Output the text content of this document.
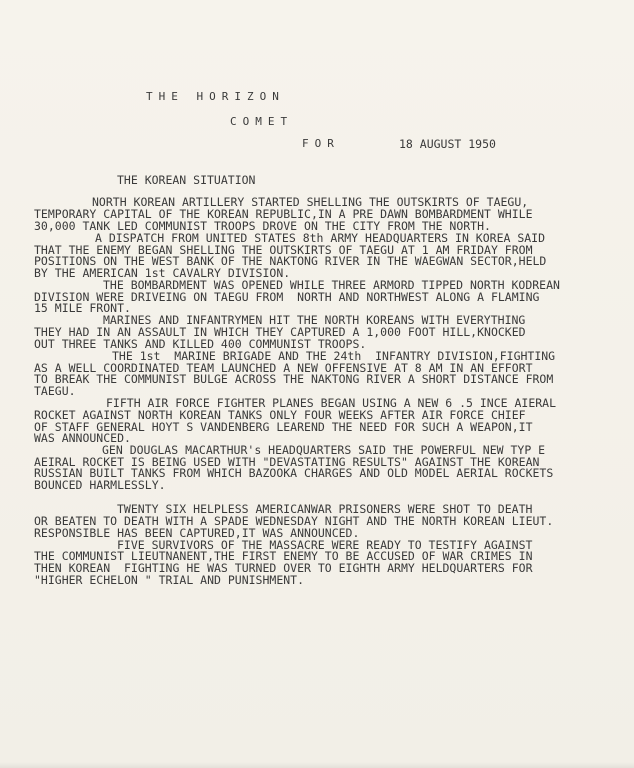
THE HORIZON
COMET
FOR	18 AUGUST 1950
THE KOREAN SITUATION
NORTH KOREAN ARTILLERY STARTED SHELLING THE OUTSKIRTS OF TAEGU,
TEMPORARY CAPITAL OF THE KOREAN REPUBLIC,IN A PRE DAWN BOMBARDMENT WHILE
30,000 TANK LED COMMUNIST TROOPS DROVE ON THE CITY FROM THE NORTH.
A DISPATCH FROM UNITED STATES 8th ARMY HEADQUARTERS IN KOREA SAID
THAT THE ENEMY BEGAN SHELLING THE OUTSKIRTS OF TAEGU AT 1 AM FRIDAY FROM
POSITIONS ON THE WEST BANK OF THE NAKTONG RIVER IN THE WAEGWAN SECTOR,HELD
BY THE AMERICAN 1st CAVALRY DIVISION.
THE BOMBARDMENT WAS OPENED WHILE THREE ARMORD TIPPED NORTH KODREAN
DIVISION WERE DRIVEING ON TAEGU FROM  NORTH AND NORTHWEST ALONG A FLAMING
15 MILE FRONT.
MARINES AND INFANTRYMEN HIT THE NORTH KOREANS WITH EVERYTHING
THEY HAD IN AN ASSAULT IN WHICH THEY CAPTURED A 1,000 FOOT HILL,KNOCKED
OUT THREE TANKS AND KILLED 400 COMMUNIST TROOPS.
THE 1st  MARINE BRIGADE AND THE 24th  INFANTRY DIVISION,FIGHTING
AS A WELL COORDINATED TEAM LAUNCHED A NEW OFFENSIVE AT 8 AM IN AN EFFORT
TO BREAK THE COMMUNIST BULGE ACROSS THE NAKTONG RIVER A SHORT DISTANCE FROM
TAEGU.
FIFTH AIR FORCE FIGHTER PLANES BEGAN USING A NEW 6 .5 INCE AIERAL
ROCKET AGAINST NORTH KOREAN TANKS ONLY FOUR WEEKS AFTER AIR FORCE CHIEF
OF STAFF GENERAL HOYT S VANDENBERG LEAREND THE NEED FOR SUCH A WEAPON,IT
WAS ANNOUNCED.
GEN DOUGLAS MACARTHUR's HEADQUARTERS SAID THE POWERFUL NEW TYP E
AEIRAL ROCKET IS BEING USED WITH "DEVASTATING RESULTS" AGAINST THE KOREAN
RUSSIAN BUILT TANKS FROM WHICH BAZOOKA CHARGES AND OLD MODEL AERIAL ROCKETS
BOUNCED HARMLESSLY.
TWENTY SIX HELPLESS AMERICANWAR PRISONERS WERE SHOT TO DEATH
OR BEATEN TO DEATH WITH A SPADE WEDNESDAY NIGHT AND THE NORTH KOREAN LIEUT.
RESPONSIBLE HAS BEEN CAPTURED,IT WAS ANNOUNCED.
FIVE SURVIVORS OF THE MASSACRE WERE READY TO TESTIFY AGAINST
THE COMMUNIST LIEUTNANENT,THE FIRST ENEMY TO BE ACCUSED OF WAR CRIMES IN
THEN KOREAN  FIGHTING HE WAS TURNED OVER TO EIGHTH ARMY HELDQUARTERS FOR
"HIGHER ECHELON " TRIAL AND PUNISHMENT.
